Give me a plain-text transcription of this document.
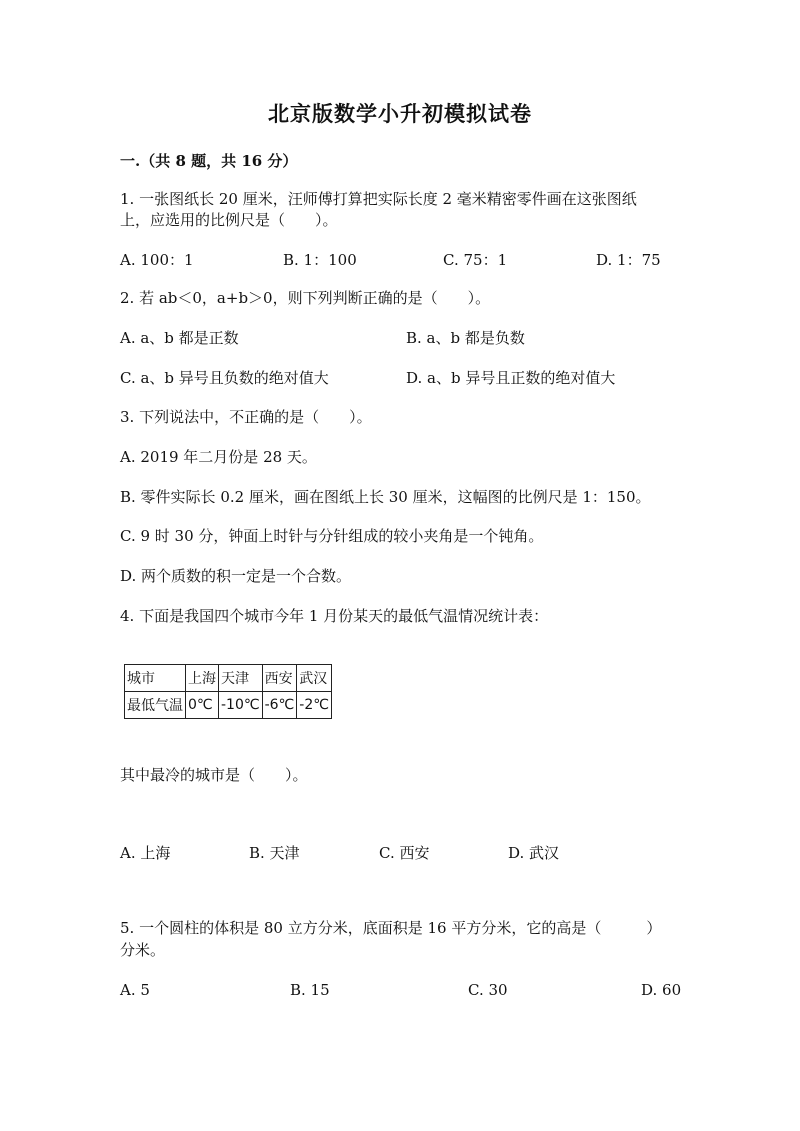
北京版数学小升初模拟试卷
一.（共 8 题，共 16 分）
1. 一张图纸长 20 厘米，汪师傅打算把实际长度 2 毫米精密零件画在这张图纸
上，应选用的比例尺是（　　）。
A. 100：1	B. 1：100	C. 75：1	D. 1：75
2. 若 ab＜0，a+b＞0，则下列判断正确的是（　　）。
A. a、b 都是正数	B. a、b 都是负数
C. a、b 异号且负数的绝对值大	D. a、b 异号且正数的绝对值大
3. 下列说法中，不正确的是（　　）。
A. 2019 年二月份是 28 天。
B. 零件实际长 0.2 厘米，画在图纸上长 30 厘米，这幅图的比例尺是 1：150。
C. 9 时 30 分，钟面上时针与分针组成的较小夹角是一个钝角。
D. 两个质数的积一定是一个合数。
4. 下面是我国四个城市今年 1 月份某天的最低气温情况统计表：
城市	上海	天津	西安	武汉
最低气温	0℃	-10℃	-6℃	-2℃
其中最冷的城市是（　　）。
A. 上海	B. 天津	C. 西安	D. 武汉
5. 一个圆柱的体积是 80 立方分米，底面积是 16 平方分米，它的高是（　　　）
分米。
A. 5	B. 15	C. 30	D. 60
